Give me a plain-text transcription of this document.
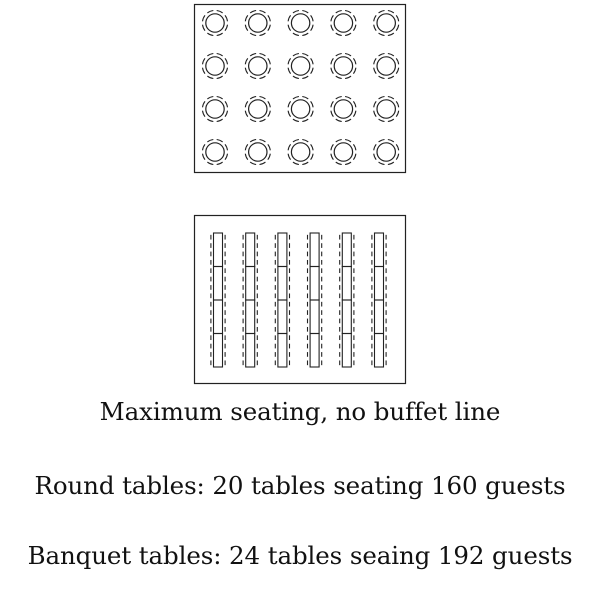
Maximum seating, no buffet line
Round tables: 20 tables seating 160 guests
Banquet tables: 24 tables seaing 192 guests
